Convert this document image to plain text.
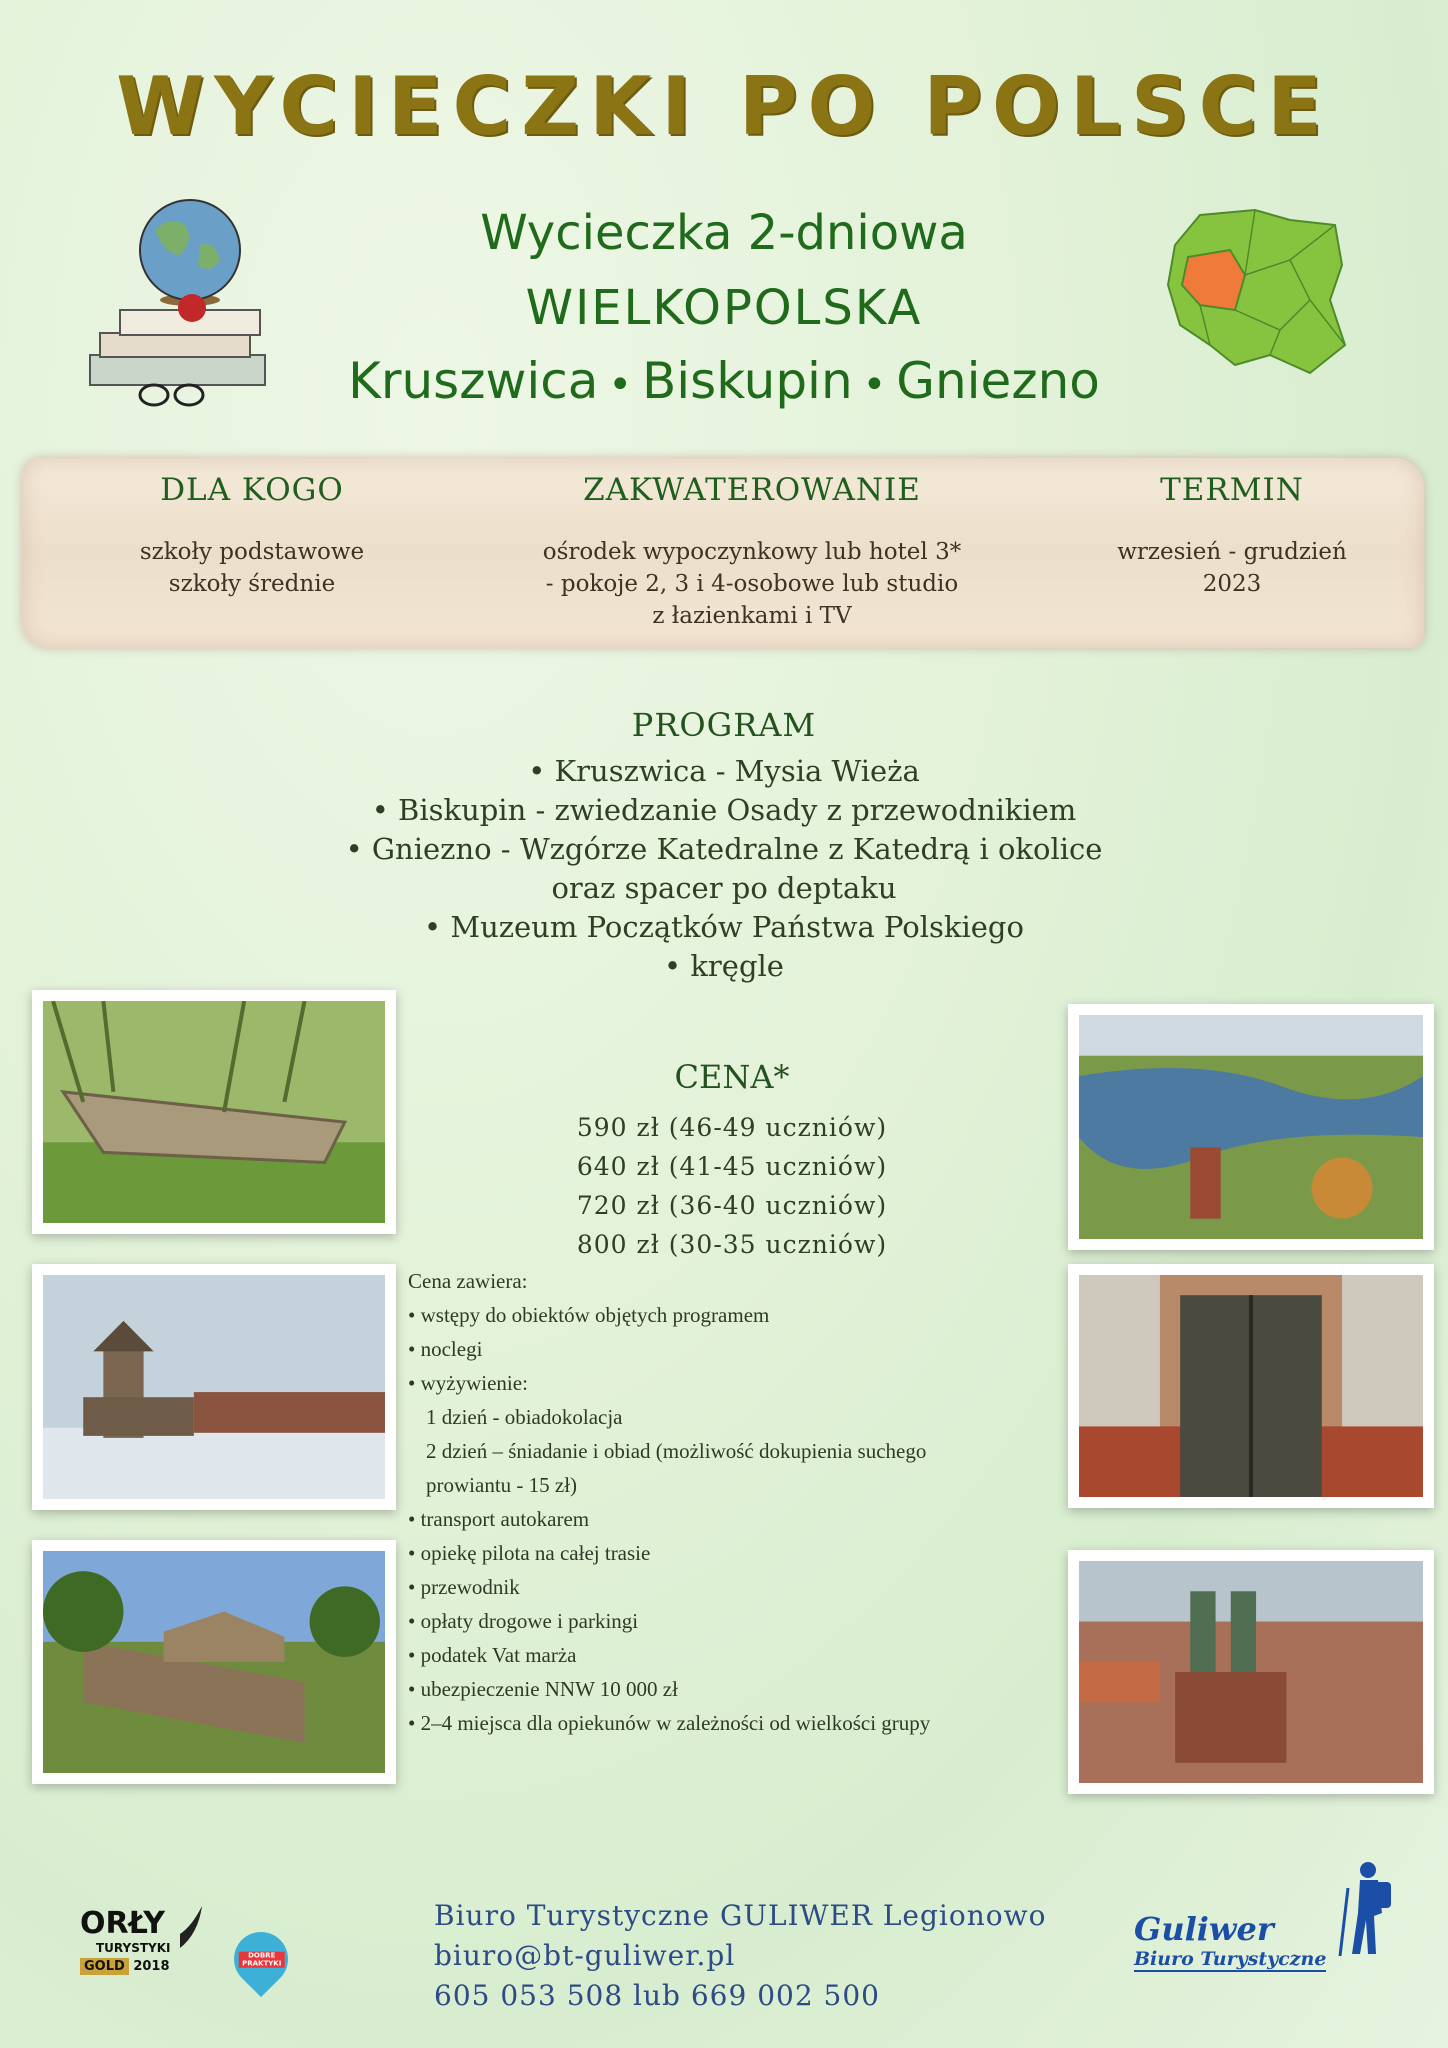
WYCIECZKI PO POLSCE
Wycieczka 2-dniowa
WIELKOPOLSKA
Kruszwica • Biskupin • Gniezno
DLA KOGO

szkoły podstawowe
szkoły średnie

ZAKWATEROWANIE

ośrodek wypoczynkowy lub hotel 3*
- pokoje 2, 3 i 4-osobowe lub studio
z łazienkami i TV

TERMIN

wrzesień - grudzień
2023

PROGRAM
• Kruszwica - Mysia Wieża
• Biskupin - zwiedzanie Osady z przewodnikiem
• Gniezno - Wzgórze Katedralne z Katedrą i okolice
oraz spacer po deptaku
• Muzeum Początków Państwa Polskiego
• kręgle
CENA*
590 zł (46-49 uczniów)
640 zł (41-45 uczniów)
720 zł (36-40 uczniów)
800 zł (30-35 uczniów)
Cena zawiera:
• wstępy do obiektów objętych programem
• noclegi
• wyżywienie:
1 dzień - obiadokolacja
2 dzień – śniadanie i obiad (możliwość dokupienia suchego
prowiantu - 15 zł)
• transport autokarem
• opiekę pilota na całej trasie
• przewodnik
• opłaty drogowe i parkingi
• podatek Vat marża
• ubezpieczenie NNW 10 000 zł
• 2–4 miejsca dla opiekunów w zależności od wielkości grupy
Biuro Turystyczne GULIWER Legionowo
biuro@bt-guliwer.pl
605 053 508 lub 669 002 500
ORŁY
TURYSTYKI
GOLD 2018
DOBRE PRAKTYKI
Guliwer
Biuro Turystyczne
